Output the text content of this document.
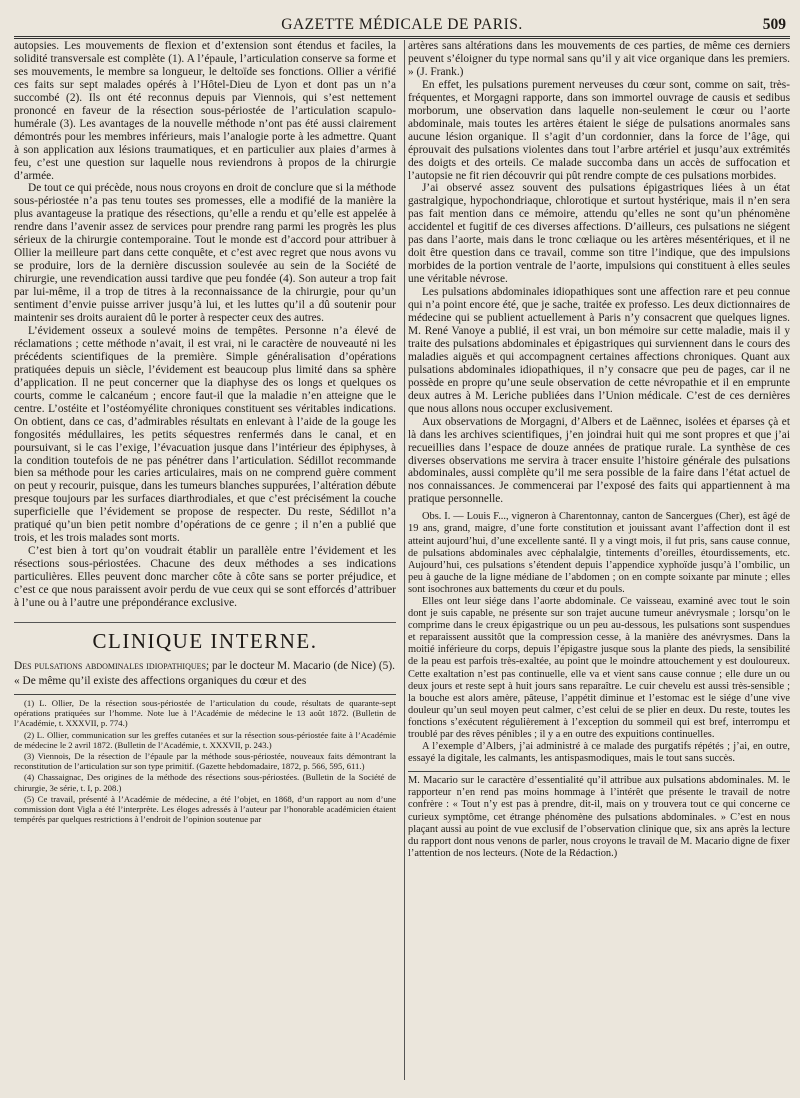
GAZETTE MÉDICALE DE PARIS.	509

autopsies. Les mouvements de flexion et d’extension sont étendus et faciles, la solidité transversale est complète (1). A l’épaule, l’articulation conserve sa forme et ses mouvements, le membre sa longueur, le deltoïde ses fonctions. Ollier a vérifié ces faits sur sept malades opérés à l’Hôtel-Dieu de Lyon et dont pas un n’a succombé (2). Ils ont été reconnus depuis par Viennois, qui s’est nettement prononcé en faveur de la résection sous-périostée de l’articulation scapulo-humérale (3). Les avantages de la nouvelle méthode n’ont pas été aussi clairement démontrés pour les membres inférieurs, mais l’analogie porte à les admettre. Quant à son application aux lésions traumatiques, et en particulier aux plaies d’armes à feu, c’est une question sur laquelle nous reviendrons à propos de la chirurgie d’armée.

De tout ce qui précède, nous nous croyons en droit de conclure que si la méthode sous-périostée n’a pas tenu toutes ses promesses, elle a modifié de la manière la plus avantageuse la pratique des résections, qu’elle a rendu et qu’elle est appelée à rendre dans l’avenir assez de services pour prendre rang parmi les progrès les plus sérieux de la chirurgie contemporaine. Tout le monde est d’accord pour attribuer à Ollier la meilleure part dans cette conquête, et c’est avec regret que nous avons vu se produire, lors de la dernière discussion soulevée au sein de la Société de chirurgie, une revendication aussi tardive que peu fondée (4). Son auteur a trop fait par lui-même, il a trop de titres à la reconnaissance de la chirurgie, pour qu’un sentiment d’envie puisse arriver jusqu’à lui, et les luttes qu’il a dû soutenir pour maintenir ses droits auraient dû le porter à respecter ceux des autres.

L’évidement osseux a soulevé moins de tempêtes. Personne n’a élevé de réclamations ; cette méthode n’avait, il est vrai, ni le caractère de nouveauté ni les précédents scientifiques de la première. Simple généralisation d’opérations pratiquées depuis un siècle, l’évidement est beaucoup plus limité dans sa sphère d’application. Il ne peut concerner que la diaphyse des os longs et quelques os courts, comme le calcanéum ; encore faut-il que la maladie n’en atteigne que le centre. L’ostéite et l’ostéomyélite chroniques constituent ses véritables indications. On obtient, dans ce cas, d’admirables résultats en enlevant à l’aide de la gouge les fongosités médullaires, les petits séquestres renfermés dans le canal, et en poursuivant, si le cas l’exige, l’évacuation jusque dans l’intérieur des épiphyses, à la condition toutefois de ne pas pénétrer dans l’articulation. Sédillot recommande bien sa méthode pour les caries articulaires, mais on ne comprend guère comment on peut y recourir, puisque, dans les tumeurs blanches suppurées, l’altération débute presque toujours par les surfaces diarthrodiales, et que c’est précisément la couche superficielle que l’évidement se propose de respecter. Du reste, Sédillot n’a pratiqué qu’un bien petit nombre d’opérations de ce genre ; il n’en a publié que trois, et les trois malades sont morts.

C’est bien à tort qu’on voudrait établir un parallèle entre l’évidement et les résections sous-périostées. Chacune des deux méthodes a ses indications particulières. Elles peuvent donc marcher côte à côte sans se porter préjudice, et c’est ce que nous paraissent avoir perdu de vue ceux qui se sont efforcés d’attribuer à l’une ou à l’autre une prépondérance exclusive.

CLINIQUE INTERNE.
Des pulsations abdominales idiopathiques; par le docteur M. Macario (de Nice) (5).
« De même qu’il existe des affections organiques du cœur et des
(1) L. Ollier, De la résection sous-périostée de l’articulation du coude, résultats de quarante-sept opérations pratiquées sur l’homme. Note lue à l’Académie de médecine le 13 août 1872. (Bulletin de l’Académie, t. XXXVII, p. 774.)
(2) L. Ollier, communication sur les greffes cutanées et sur la résection sous-périostée faite à l’Académie de médecine le 2 avril 1872. (Bulletin de l’Académie, t. XXXVII, p. 243.)
(3) Viennois, De la résection de l’épaule par la méthode sous-périostée, nouveaux faits démontrant la reconstitution de l’articulation sur son type primitif. (Gazette hebdomadaire, 1872, p. 566, 595, 611.)
(4) Chassaignac, Des origines de la méthode des résections sous-périostées. (Bulletin de la Société de chirurgie, 3e série, t. I, p. 208.)
(5) Ce travail, présenté à l’Académie de médecine, a été l’objet, en 1868, d’un rapport au nom d’une commission dont Vigla a été l’interprète. Les éloges adressés à l’auteur par l’honorable académicien étaient tempérés par quelques restrictions à l’endroit de l’opinion soutenue par

artères sans altérations dans les mouvements de ces parties, de même ces derniers peuvent s’éloigner du type normal sans qu’il y ait vice organique dans les premiers. » (J. Frank.)

En effet, les pulsations purement nerveuses du cœur sont, comme on sait, très-fréquentes, et Morgagni rapporte, dans son immortel ouvrage de causis et sedibus morborum, une observation dans laquelle non-seulement le cœur ou l’aorte abdominale, mais toutes les artères étaient le siége de pulsations anormales sans aucune lésion organique. Il s’agit d’un cordonnier, dans la force de l’âge, qui éprouvait des pulsations violentes dans tout l’arbre artériel et jusqu’aux extrémités des doigts et des orteils. Ce malade succomba dans un accès de suffocation et l’autopsie ne fit rien découvrir qui pût rendre compte de ces pulsations morbides.

J’ai observé assez souvent des pulsations épigastriques liées à un état gastralgique, hypochondriaque, chlorotique et surtout hystérique, mais il n’en sera pas fait mention dans ce mémoire, attendu qu’elles ne sont qu’un phénomène accidentel et fugitif de ces diverses affections. D’ailleurs, ces pulsations ne siégent pas dans l’aorte, mais dans le tronc cœliaque ou les artères mésentériques, et il ne doit être question dans ce travail, comme son titre l’indique, que des impulsions morbides de la portion ventrale de l’aorte, impulsions qui constituent à elles seules une véritable névrose.

Les pulsations abdominales idiopathiques sont une affection rare et peu connue qui n’a point encore été, que je sache, traitée ex professo. Les deux dictionnaires de médecine qui se publient actuellement à Paris n’y consacrent que quelques lignes. M. René Vanoye a publié, il est vrai, un bon mémoire sur cette maladie, mais il y traite des pulsations abdominales et épigastriques qui surviennent dans le cours des maladies aiguës et qui accompagnent certaines affections chroniques. Quant aux pulsations abdominales idiopathiques, il n’y consacre que peu de pages, car il ne possède en propre qu’une seule observation de cette névropathie et il en emprunte deux autres à M. Leriche publiées dans l’Union médicale. C’est de ces dernières que nous allons nous occuper exclusivement.

Aux observations de Morgagni, d’Albers et de Laënnec, isolées et éparses çà et là dans les archives scientifiques, j’en joindrai huit qui me sont propres et que j’ai recueillies dans l’espace de douze années de pratique rurale. La synthèse de ces diverses observations me servira à tracer ensuite l’histoire générale des pulsations abdominales, aussi complète qu’il me sera possible de la faire dans l’état actuel de nos connaissances. Je commencerai par l’exposé des faits qui appartiennent à ma pratique personnelle.

Obs. I. — Louis F..., vigneron à Charentonnay, canton de Sancergues (Cher), est âgé de 19 ans, grand, maigre, d’une forte constitution et jouissant avant l’affection dont il est atteint aujourd’hui, d’une excellente santé. Il y a vingt mois, il fut pris, sans cause connue, de pulsations abdominales avec céphalalgie, tintements d’oreilles, étourdissements, etc. Aujourd’hui, ces pulsations s’étendent depuis l’appendice xyphoïde jusqu’à l’ombilic, un peu à gauche de la ligne médiane de l’abdomen ; on en compte soixante par minute ; elles sont isochrones aux battements du cœur et du pouls.

Elles ont leur siége dans l’aorte abdominale. Ce vaisseau, examiné avec tout le soin dont je suis capable, ne présente sur son trajet aucune tumeur anévrysmale ; lorsqu’on le comprime dans le creux épigastrique ou un peu au-dessous, les pulsations sont suspendues et reparaissent aussitôt que la compression cesse, à la manière des anévrysmes. Dans la moitié inférieure du corps, depuis l’épigastre jusque sous la plante des pieds, la sensibilité de la peau est parfois très-exaltée, au point que le moindre attouchement y est douloureux. Cette exaltation n’est pas continuelle, elle va et vient sans cause connue ; elle dure un ou deux jours et reste sept à huit jours sans reparaître. Le cuir chevelu est aussi très-sensible ; la bouche est alors amère, pâteuse, l’appétit diminue et l’estomac est le siége d’une vive douleur qu’un seul moyen peut calmer, c’est celui de se plier en deux. Du reste, toutes les fonctions s’exécutent régulièrement à l’exception du sommeil qui est bref, interrompu et troublé par des rêves pénibles ; il y a en outre des expuitions continuelles.

A l’exemple d’Albers, j’ai administré à ce malade des purgatifs répétés ; j’ai, en outre, essayé la digitale, les calmants, les antispasmodiques, mais le tout sans succès.

M. Macario sur le caractère d’essentialité qu’il attribue aux pulsations abdominales. M. le rapporteur n’en rend pas moins hommage à l’intérêt que présente le travail de notre confrère : « Tout n’y est pas à prendre, dit-il, mais on y trouvera tout ce qui concerne ce curieux symptôme, cet étrange phénomène des pulsations abdominales. » C’est en nous plaçant aussi au point de vue exclusif de l’observation clinique que, six ans après la lecture du rapport dont nous venons de parler, nous croyons le travail de M. Macario digne de fixer l’attention de nos lecteurs. (Note de la Rédaction.)
